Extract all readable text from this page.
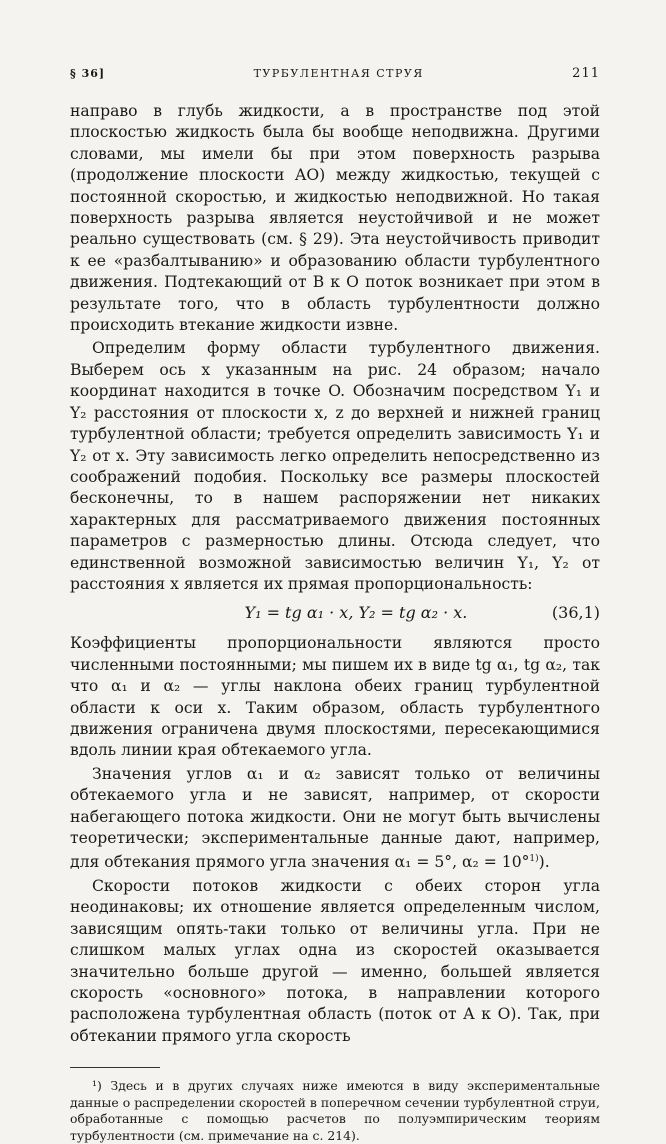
§ 36]	ТУРБУЛЕНТНАЯ СТРУЯ	211

направо в глубь жидкости, а в пространстве под этой плоскостью жидкость была бы вообще неподвижна. Другими словами, мы имели бы при этом поверхность разрыва (продолжение плоскости AO) между жидкостью, текущей с постоянной скоростью, и жидкостью неподвижной. Но такая поверхность разрыва является неустойчивой и не может реально существовать (см. § 29). Эта неустойчивость приводит к ее «разбалтыванию» и образованию области турбулентного движения. Подтекающий от B к O поток возникает при этом в результате того, что в область турбулентности должно происходить втекание жидкости извне.

Определим форму области турбулентного движения. Выберем ось x указанным на рис. 24 образом; начало координат находится в точке O. Обозначим посредством Y₁ и Y₂ расстояния от плоскости x, z до верхней и нижней границ турбулентной области; требуется определить зависимость Y₁ и Y₂ от x. Эту зависимость легко определить непосредственно из соображений подобия. Поскольку все размеры плоскостей бесконечны, то в нашем распоряжении нет никаких характерных для рассматриваемого движения постоянных параметров с размерностью длины. Отсюда следует, что единственной возможной зависимостью величин Y₁, Y₂ от расстояния x является их прямая пропорциональность:

Y₁ = tg α₁ · x, Y₂ = tg α₂ · x.	(36,1)

Коэффициенты пропорциональности являются просто численными постоянными; мы пишем их в виде tg α₁, tg α₂, так что α₁ и α₂ — углы наклона обеих границ турбулентной области к оси x. Таким образом, область турбулентного движения ограничена двумя плоскостями, пересекающимися вдоль линии края обтекаемого угла.

Значения углов α₁ и α₂ зависят только от величины обтекаемого угла и не зависят, например, от скорости набегающего потока жидкости. Они не могут быть вычислены теоретически; экспериментальные данные дают, например, для обтекания прямого угла значения α₁ = 5°, α₂ = 10°$^{1)}$).

Скорости потоков жидкости с обеих сторон угла неодинаковы; их отношение является определенным числом, зависящим опять-таки только от величины угла. При не слишком малых углах одна из скоростей оказывается значительно больше другой — именно, большей является скорость «основного» потока, в направлении которого расположена турбулентная область (поток от A к O). Так, при обтекании прямого угла скорость

¹) Здесь и в других случаях ниже имеются в виду экспериментальные данные о распределении скоростей в поперечном сечении турбулентной струи, обработанные с помощью расчетов по полуэмпирическим теориям турбулентности (см. примечание на с. 214).
